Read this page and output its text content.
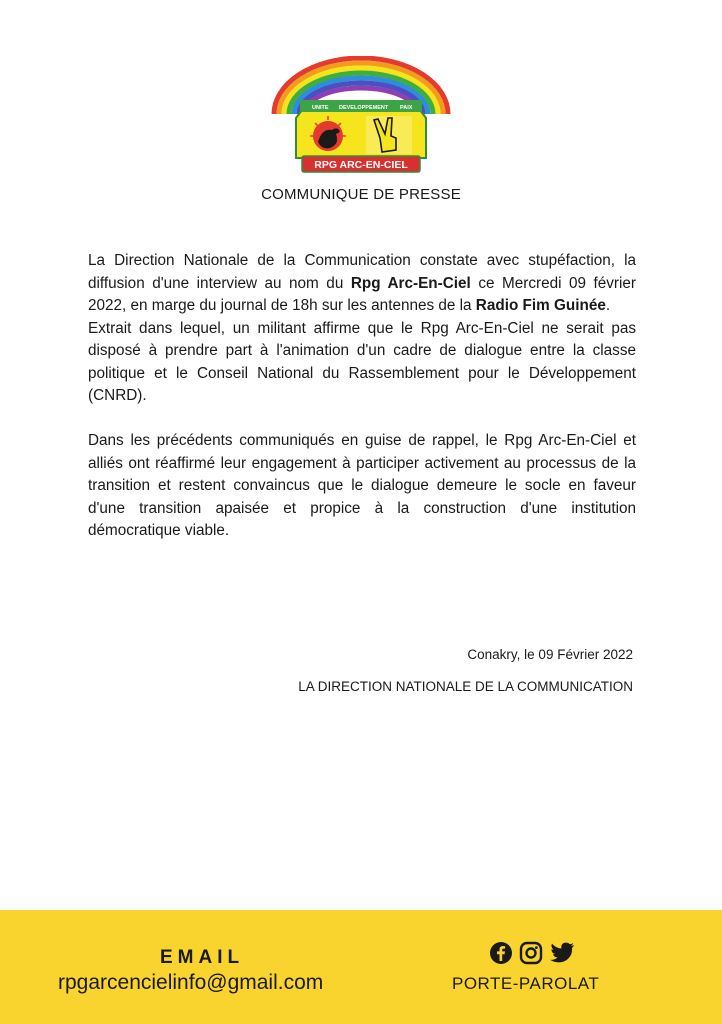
UNITE DEVELOPPEMENT PAIX
RPG ARC-EN-CIEL
COMMUNIQUE DE PRESSE

La Direction Nationale de la Communication constate avec stupéfaction, la diffusion d'une interview au nom du Rpg Arc-En-Ciel ce Mercredi 09 février 2022, en marge du journal de 18h sur les antennes de la Radio Fim Guinée.

Extrait dans lequel, un militant affirme que le Rpg Arc-En-Ciel ne serait pas disposé à prendre part à l'animation d'un cadre de dialogue entre la classe politique et le Conseil National du Rassemblement pour le Développement (CNRD).

Dans les précédents communiqués en guise de rappel, le Rpg Arc-En-Ciel et alliés ont réaffirmé leur engagement à participer activement au processus de la transition et restent convaincus que le dialogue demeure le socle en faveur d'une transition apaisée et propice à la construction d'une institution démocratique viable.

Conakry, le 09 Février 2022
LA DIRECTION NATIONALE DE LA COMMUNICATION
EMAIL
rpgarcencielinfo@gmail.com	PORTE-PAROLAT
